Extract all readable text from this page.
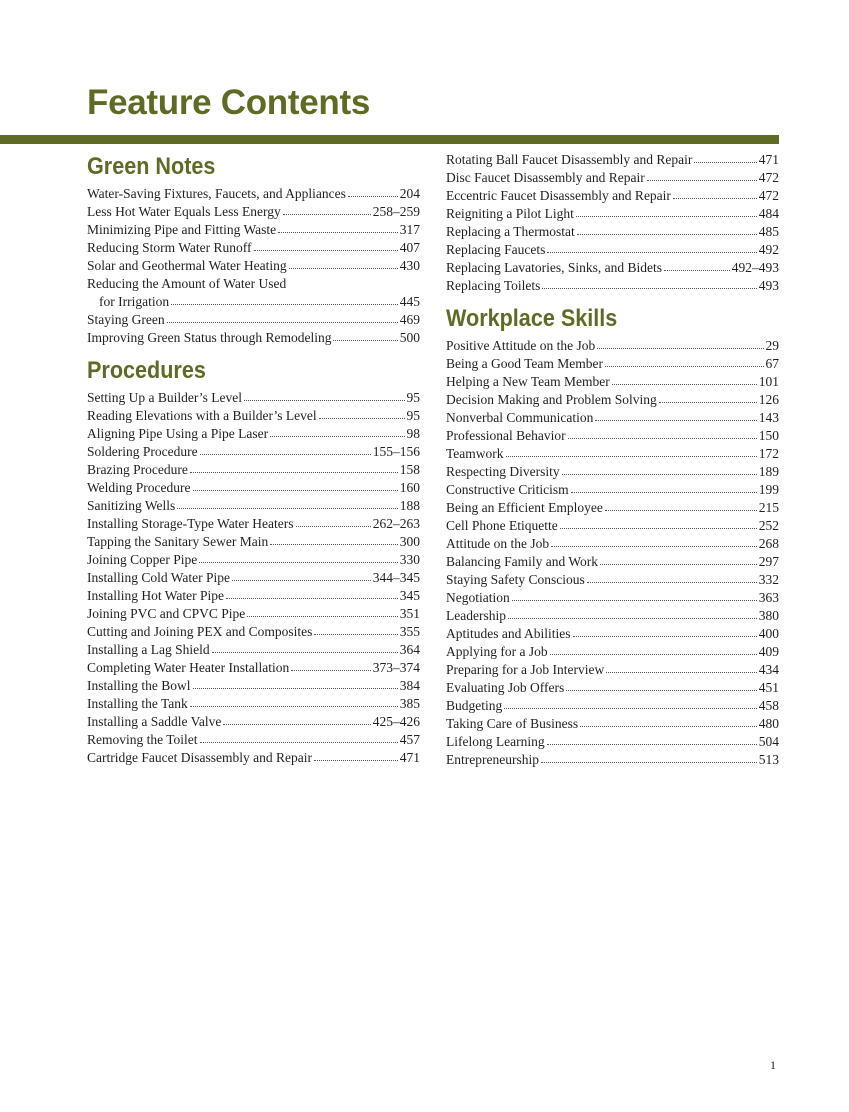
Feature Contents
Green Notes
Water-Saving Fixtures, Faucets, and Appliances	204
Less Hot Water Equals Less Energy	258–259
Minimizing Pipe and Fitting Waste	317
Reducing Storm Water Runoff	407
Solar and Geothermal Water Heating	430
Reducing the Amount of Water Used
for Irrigation	445
Staying Green	469
Improving Green Status through Remodeling	500
Procedures
Setting Up a Builder’s Level	95
Reading Elevations with a Builder’s Level	95
Aligning Pipe Using a Pipe Laser	98
Soldering Procedure	155–156
Brazing Procedure	158
Welding Procedure	160
Sanitizing Wells	188
Installing Storage-Type Water Heaters	262–263
Tapping the Sanitary Sewer Main	300
Joining Copper Pipe	330
Installing Cold Water Pipe	344–345
Installing Hot Water Pipe	345
Joining PVC and CPVC Pipe	351
Cutting and Joining PEX and Composites	355
Installing a Lag Shield	364
Completing Water Heater Installation	373–374
Installing the Bowl	384
Installing the Tank	385
Installing a Saddle Valve	425–426
Removing the Toilet	457
Cartridge Faucet Disassembly and Repair	471
Rotating Ball Faucet Disassembly and Repair	471
Disc Faucet Disassembly and Repair	472
Eccentric Faucet Disassembly and Repair	472
Reigniting a Pilot Light	484
Replacing a Thermostat	485
Replacing Faucets	492
Replacing Lavatories, Sinks, and Bidets	492–493
Replacing Toilets	493
Workplace Skills
Positive Attitude on the Job	29
Being a Good Team Member	67
Helping a New Team Member	101
Decision Making and Problem Solving	126
Nonverbal Communication	143
Professional Behavior	150
Teamwork	172
Respecting Diversity	189
Constructive Criticism	199
Being an Efficient Employee	215
Cell Phone Etiquette	252
Attitude on the Job	268
Balancing Family and Work	297
Staying Safety Conscious	332
Negotiation	363
Leadership	380
Aptitudes and Abilities	400
Applying for a Job	409
Preparing for a Job Interview	434
Evaluating Job Offers	451
Budgeting	458
Taking Care of Business	480
Lifelong Learning	504
Entrepreneurship	513
1
